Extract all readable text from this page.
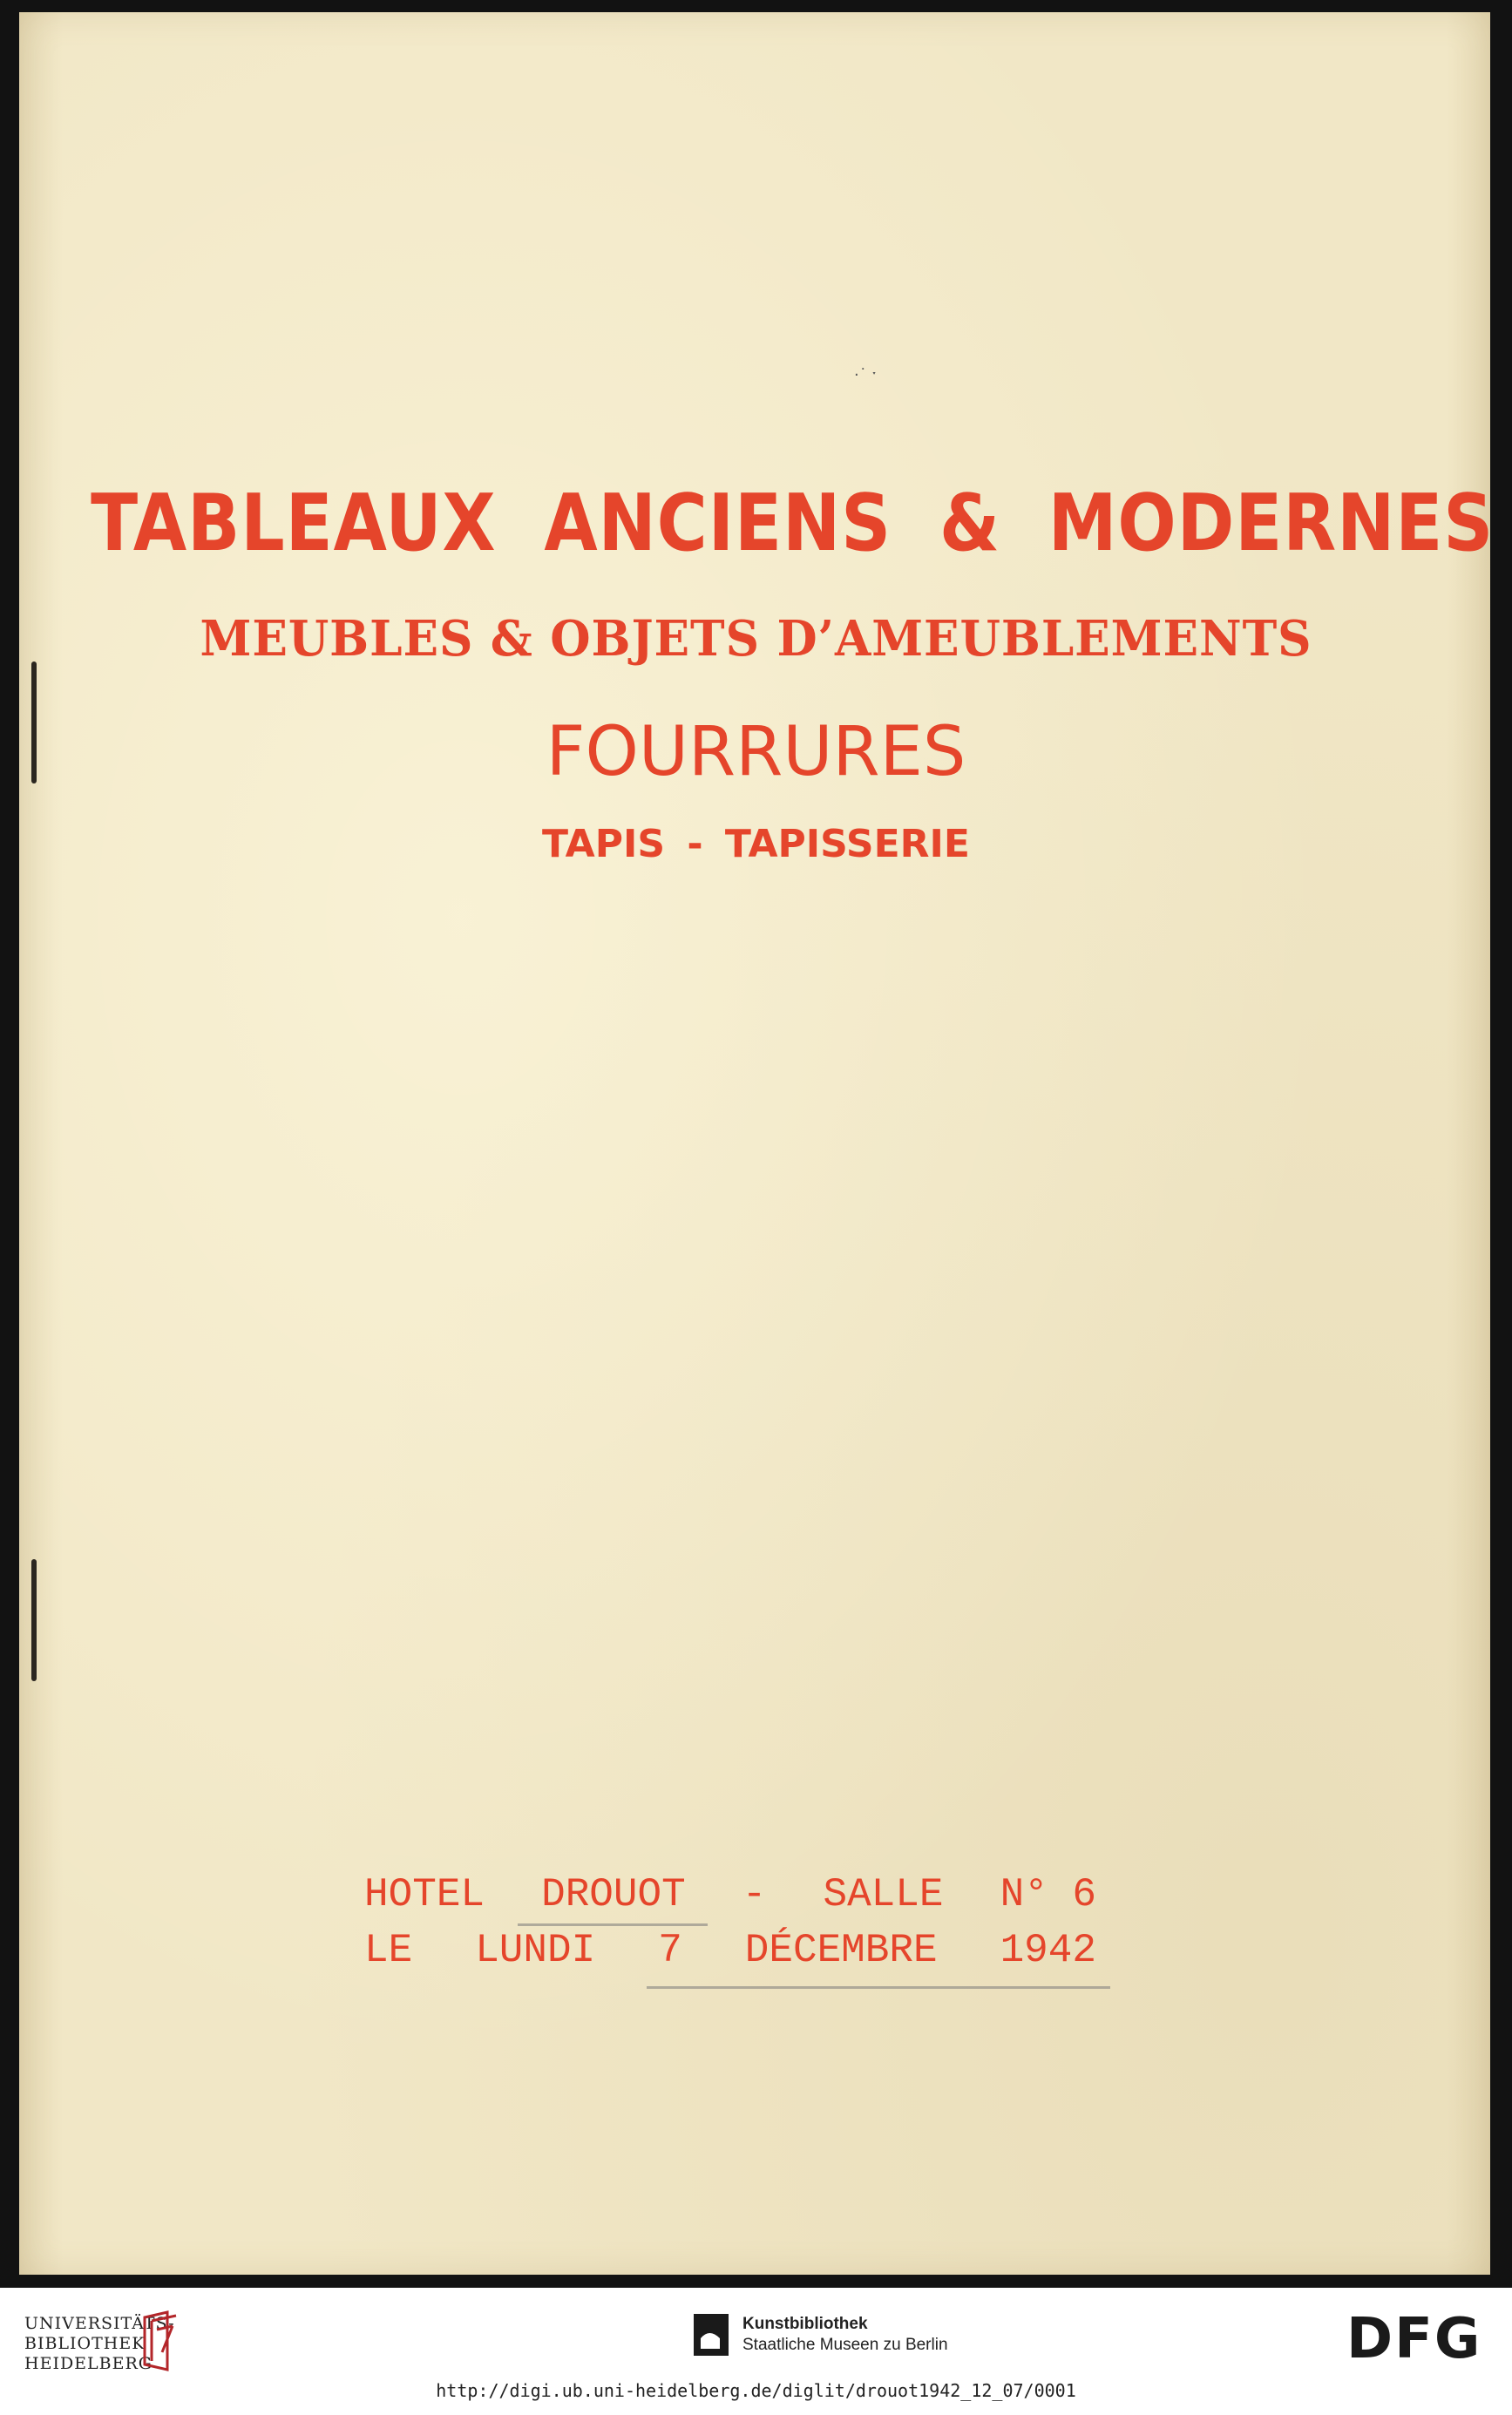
·˙ ˑ
TABLEAUX ANCIENS & MODERNES
MEUBLES & OBJETS D’AMEUBLEMENTS
FOURRURES
TAPIS - TAPISSERIE
HOTEL DROUOT - SALLE N° 6
LE LUNDI 7 DÉCEMBRE 1942
UNIVERSITÄTS-
BIBLIOTHEK
HEIDELBERG
Kunstbibliothek
Staatliche Museen zu Berlin	DFG
http://digi.ub.uni-heidelberg.de/diglit/drouot1942_12_07/0001
